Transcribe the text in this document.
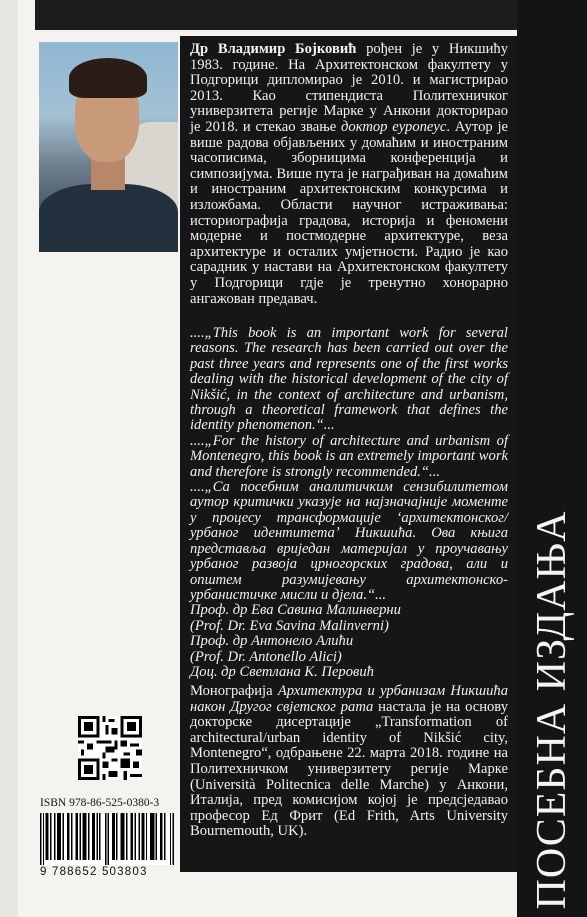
Др Владимир Бојковић рођен је у Никшићу 1983. године. На Архитектонском факултету у Подгорици дипломирао је 2010. и магистрирао 2013. Као стипендиста Политехничког универзитета регије Марке у Анкони докторирао је 2018. и стекао звање доктор еуропеус. Аутор је више радова објављених у домаћим и иностраним часописима, зборницима конференција и симпозијума. Више пута је награђиван на домаћим и иностраним архитектонским конкурсима и изложбама. Области научног истраживања: историографија градова, историја и феномени модерне и постмодерне архитектуре, веза архитектуре и осталих умјетности. Радио је као сарадник у настави на Архитектонском факултету у Подгорици гдје је тренутно хонорарно ангажован предавач.

....„This book is an important work for several reasons. The research has been carried out over the past three years and represents one of the first works dealing with the historical development of the city of Nikšić, in the context of architecture and urbanism, through a theoretical framework that defines the identity phenomenon.“...

....„For the history of architecture and urbanism of Montenegro, this book is an extremely important work and therefore is strongly recommended.“...

....„Са посебним аналитичким сензибилитетом аутор критички указује на најзначајније моменте у процесу трансформације ʻархитектонског/урбаног идентитетаʼ Никшића. Ова књига представља вриједан материјал у проучавању урбаног развоја црногорских градова, али и општем разумијевању архитектонско-урбанистичке мисли и дјела.“...

Проф. др Ева Савина Малинверни

(Prof. Dr. Eva Savina Malinverni)

Проф. др Антонело Алићи

(Prof. Dr. Antonello Alici)

Доц. др Светлана К. Перовић

Монографија Архитектура и урбанизам Никшића након Другог свјетског рата настала је на основу докторске дисертације „Transformation of architectural/urban identity of Nikšić city, Montenegro“, одбрањене 22. марта 2018. године на Политехничком универзитету регије Марке (Università Politecnica delle Marche) у Анкони, Италија, пред комисијом којој је предсједавао професор Ед Фрит (Ed Frith, Arts University Bournemouth, UK).	ПОСЕБНА ИЗДАЊА
ISBN 978-86-525-0380-3
9 788652 503803
